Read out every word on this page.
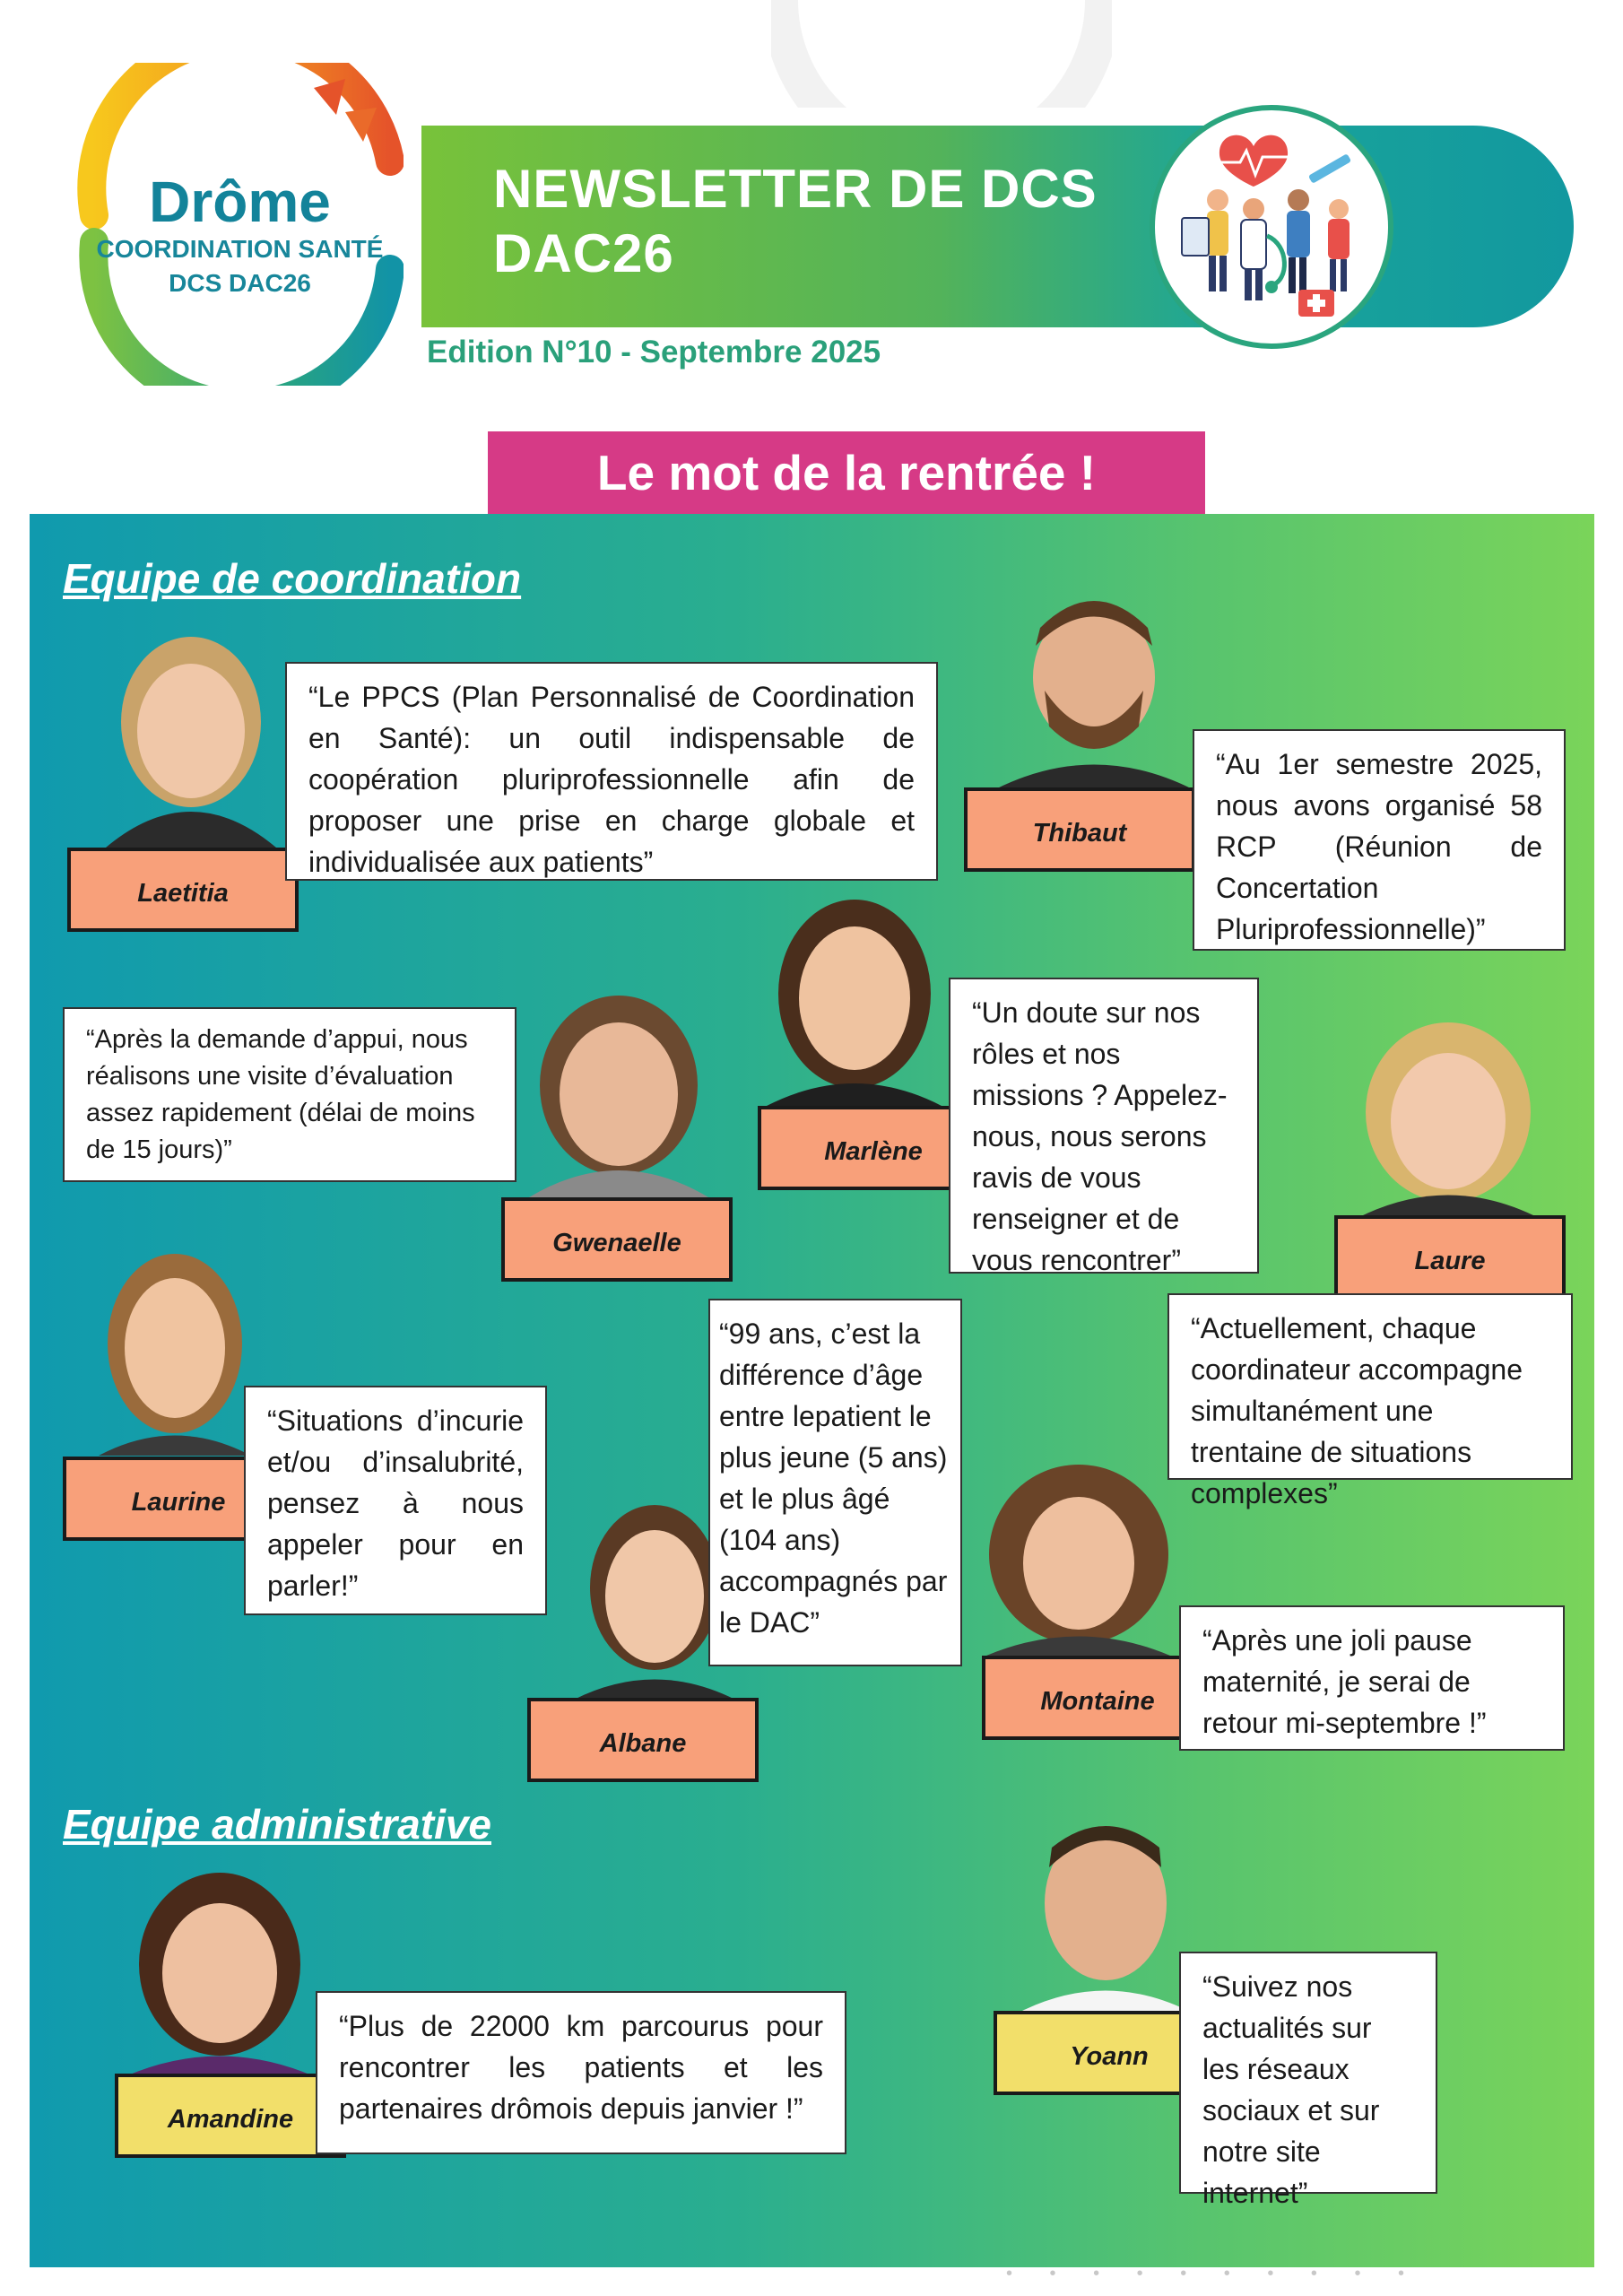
Drôme
COORDINATION SANTÉ
DCS DAC26
NEWSLETTER DE DCS
DAC26
Edition N°10 - Septembre 2025
Le mot de la rentrée !
Equipe de coordination
Equipe administrative
Laetitia
“Le PPCS (Plan Personnalisé de Coordination en Santé): un outil indispensable de coopération pluriprofessionnelle afin de proposer une prise en charge globale et individualisée aux patients”
Thibaut
“Au 1er semestre 2025, nous avons organisé 58 RCP (Réunion de Concertation Pluriprofessionnelle)”
Gwenaelle
“Après la demande d’appui, nous réalisons une visite d’évaluation assez rapidement (délai de moins de 15 jours)”	Marlène
“Un doute sur nos rôles et nos missions ? Appelez-nous, nous serons ravis de vous renseigner et de vous rencontrer”	Laure
“Actuellement, chaque coordinateur accompagne simultanément une trentaine de situations complexes”
Laurine
“Situations d’incurie et/ou d’insalubrité, pensez à nous appeler pour en parler!”
Albane
“99 ans, c’est la différence d’âge entre lepatient le plus jeune (5 ans) et le plus âgé (104 ans) accompagnés par le DAC”
Montaine
“Après une joli pause maternité, je serai de retour mi-septembre !”
Amandine
“Plus de 22000 km parcourus pour rencontrer les patients et les partenaires drômois depuis janvier !”
Yoann
“Suivez nos actualités sur les réseaux sociaux et sur notre site internet”
• • • • • • • • • •
